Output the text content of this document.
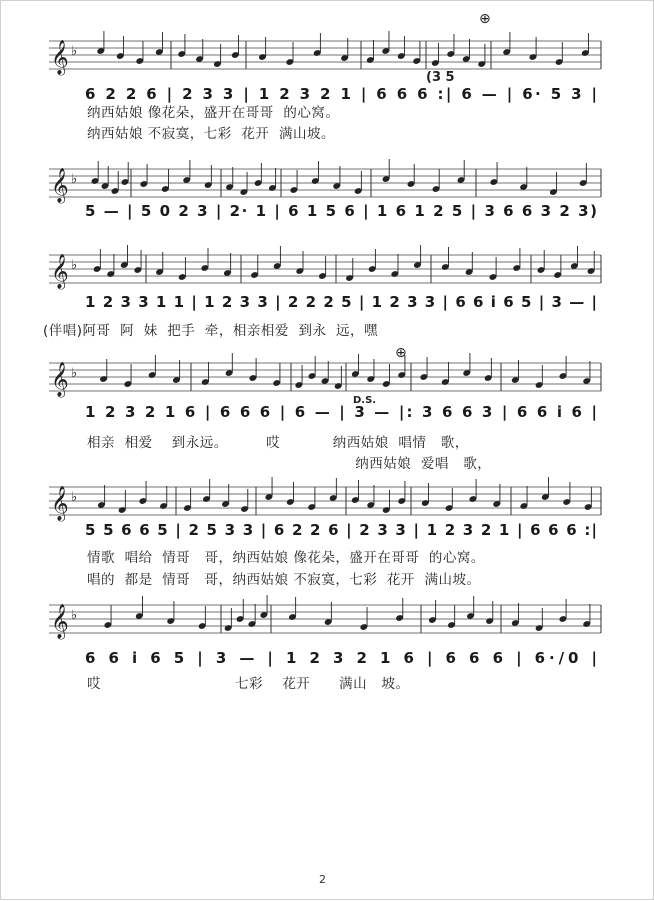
𝄞 ♭
6 2 2 6 | 2 3 3 | 1 2 3 2 1 | 6 6 6 :| 6 — | 6· 5 3 |
𝄞 ♭
5 — | 5 0 2 3 | 2· 1 | 6 1 5 6 | 1 6 1 2 5 | 3 6 6 3 2 3)
𝄞 ♭
1 2 3 3 1 1 | 1 2 3 3 | 2 2 2 5 | 1 2 3 3 | 6 6 i 6 5 | 3 — |
𝄞 ♭
1 2 3 2 1 6 | 6 6 6 | 6 — | 3 — |: 3 6 6 3 | 6 6 i 6 |
𝄞 ♭
5 5 6 6 5 | 2 5 3 3 | 6 2 2 6 | 2 3 3 | 1 2 3 2 1 | 6 6 6 :|
𝄞 ♭
6 6 i 6 5 | 3 — | 1 2 3 2 1 6 | 6 6 6 | 6·/0 |
⊕
⊕
D.S.
(3 5
纳西姑娘 像花朵，盛开在哥哥  的心窝。
纳西姑娘 不寂寞，七彩  花开  满山坡。
(伴唱)阿哥  阿  妹  把手  牵，相亲相爱  到永  远，嘿
相亲  相爱    到永远。        哎           纳西姑娘  唱情   歌，
纳西姑娘  爱唱   歌，
情歌  唱给  情哥   哥，纳西姑娘 像花朵，盛开在哥哥  的心窝。
唱的  都是  情哥   哥，纳西姑娘 不寂寞，七彩  花开  满山坡。
哎                            七彩    花开      满山   坡。
2
